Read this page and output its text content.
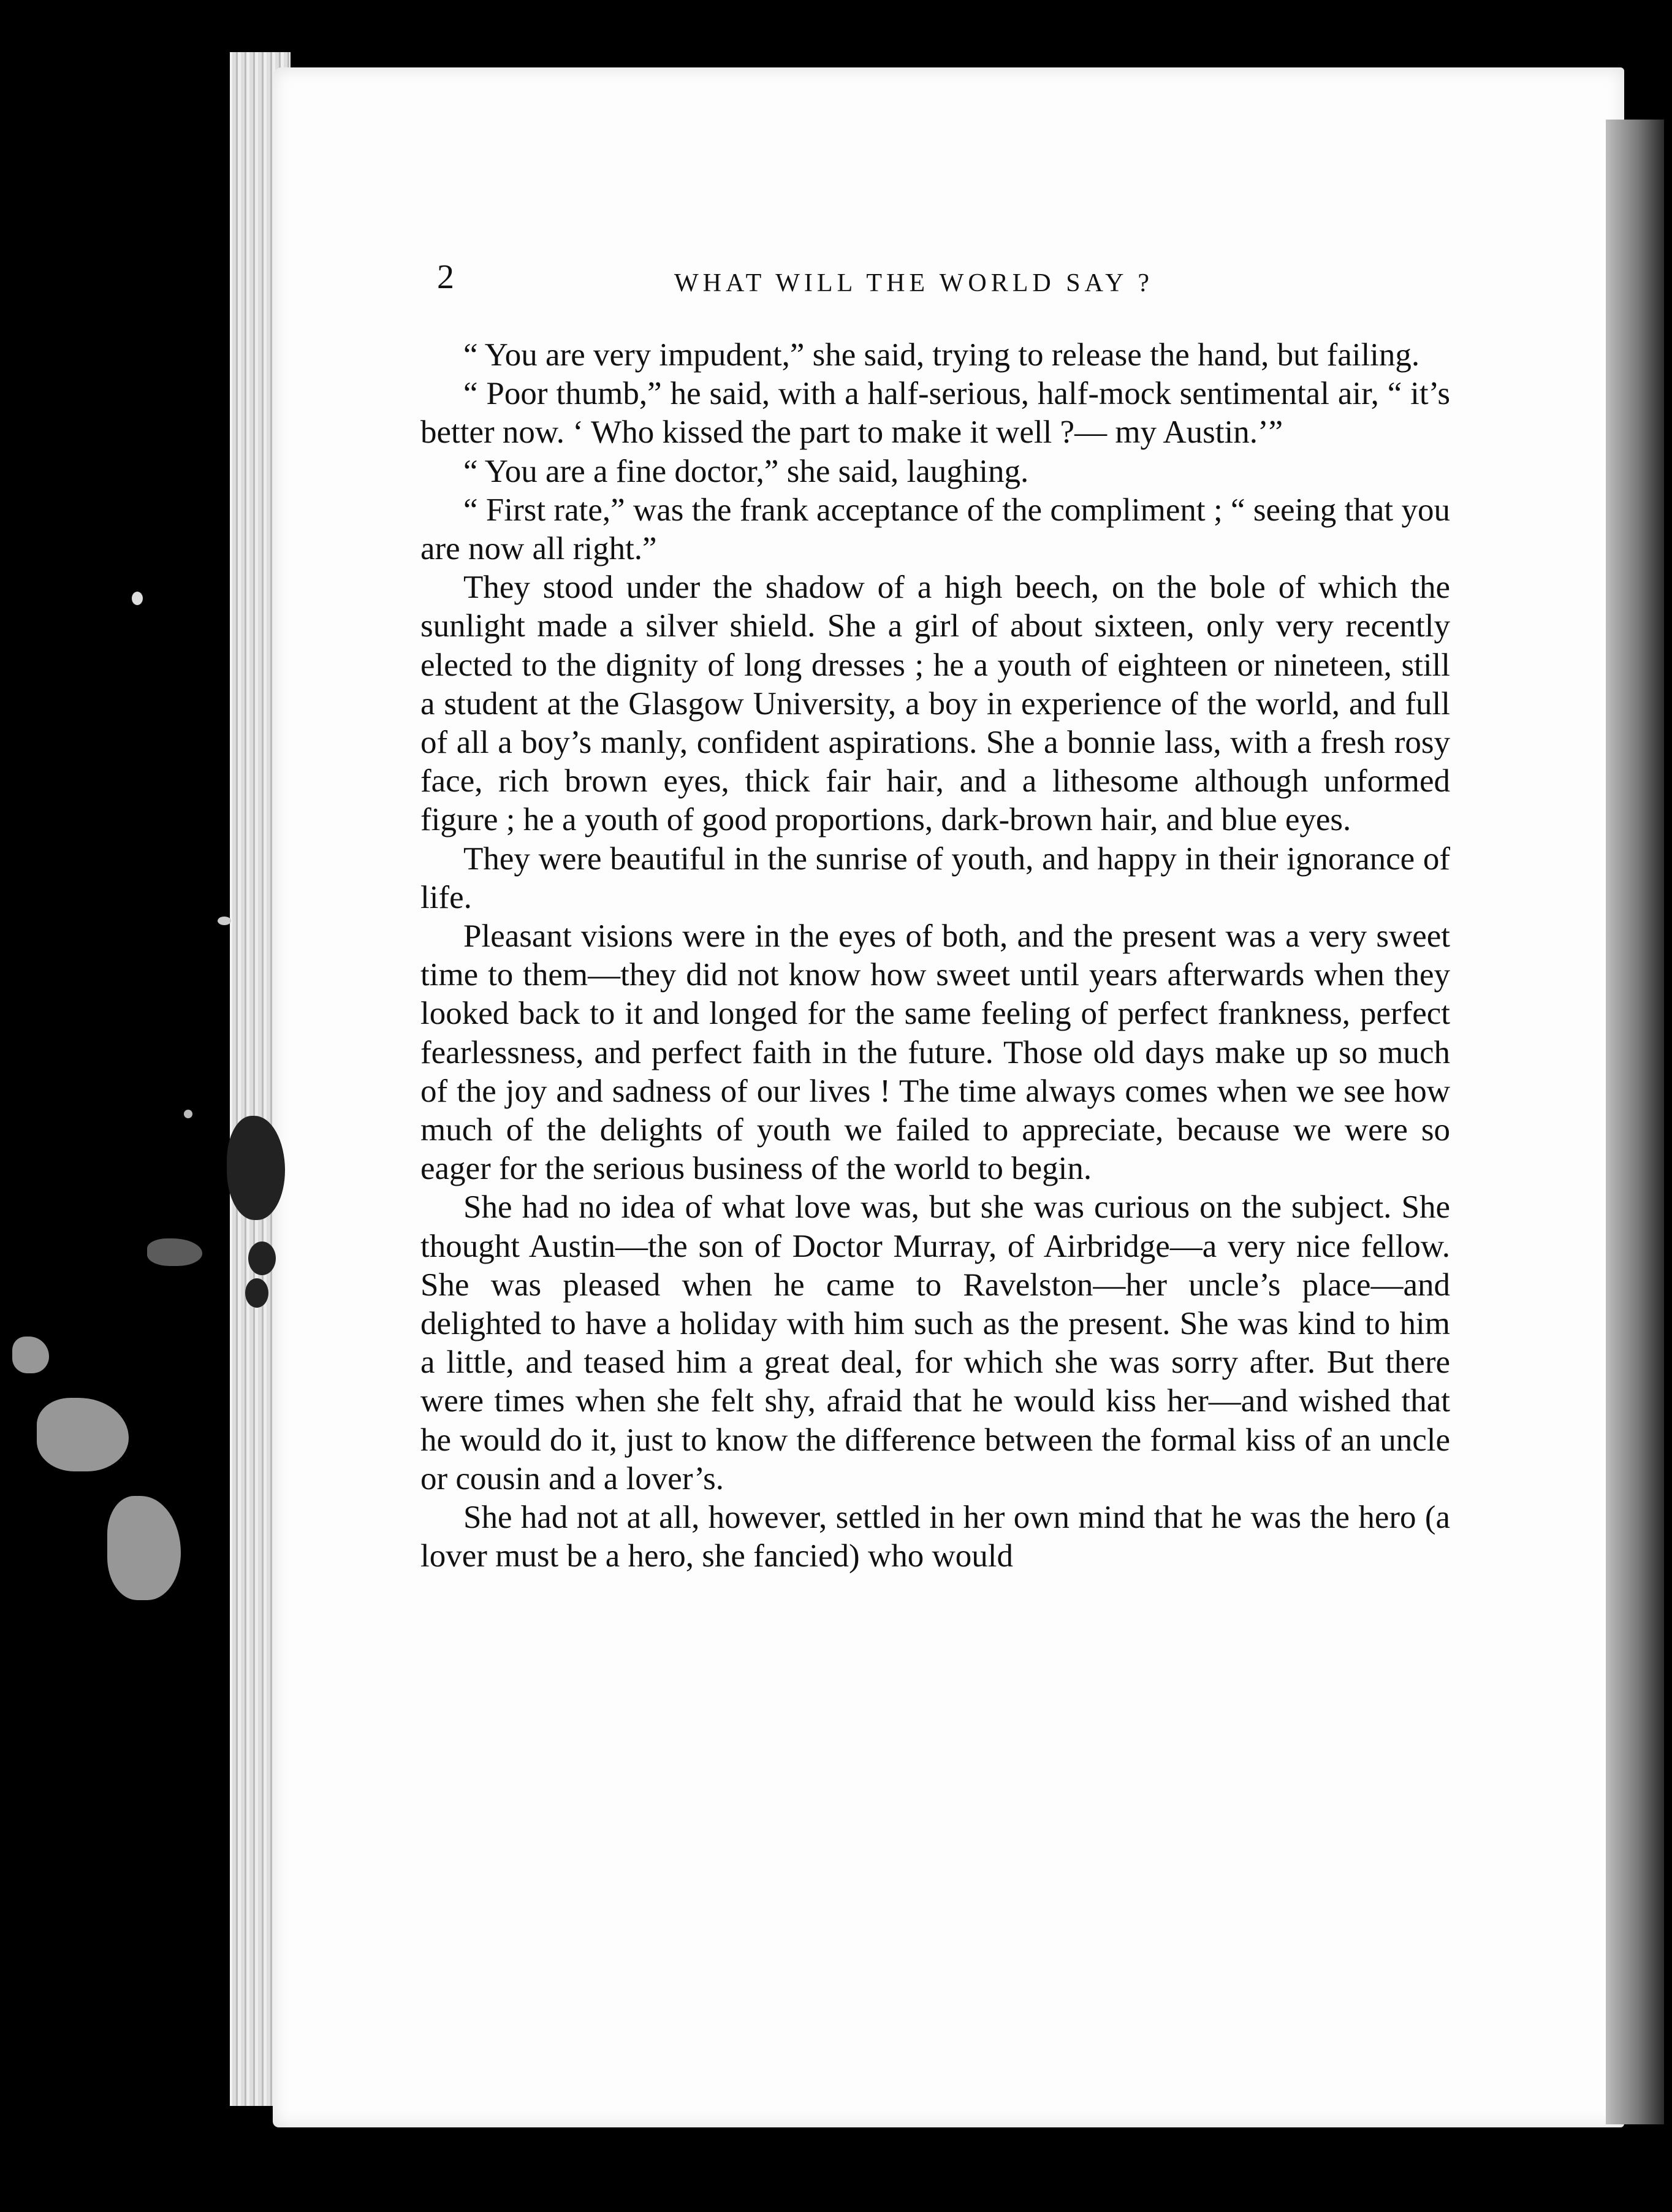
2	WHAT WILL THE WORLD SAY ?

“ You are very impudent,” she said, trying to release the hand, but failing.

“ Poor thumb,” he said, with a half-serious, half-mock sentimental air, “ it’s better now. ‘ Who kissed the part to make it well ?— my Austin.’”

“ You are a fine doctor,” she said, laughing.

“ First rate,” was the frank acceptance of the compliment ; “ seeing that you are now all right.”

They stood under the shadow of a high beech, on the bole of which the sunlight made a silver shield. She a girl of about sixteen, only very recently elected to the dignity of long dresses ; he a youth of eighteen or nineteen, still a student at the Glasgow University, a boy in experience of the world, and full of all a boy’s manly, confident aspirations. She a bonnie lass, with a fresh rosy face, rich brown eyes, thick fair hair, and a lithesome although unformed figure ; he a youth of good proportions, dark-brown hair, and blue eyes.

They were beautiful in the sunrise of youth, and happy in their ignorance of life.

Pleasant visions were in the eyes of both, and the present was a very sweet time to them—they did not know how sweet until years afterwards when they looked back to it and longed for the same feeling of perfect frankness, perfect fearlessness, and perfect faith in the future. Those old days make up so much of the joy and sadness of our lives ! The time always comes when we see how much of the delights of youth we failed to appreciate, because we were so eager for the serious business of the world to begin.

She had no idea of what love was, but she was curious on the subject. She thought Austin—the son of Doctor Murray, of Airbridge—a very nice fellow. She was pleased when he came to Ravelston—her uncle’s place—and delighted to have a holiday with him such as the present. She was kind to him a little, and teased him a great deal, for which she was sorry after. But there were times when she felt shy, afraid that he would kiss her—and wished that he would do it, just to know the difference between the formal kiss of an uncle or cousin and a lover’s.

She had not at all, however, settled in her own mind that he was the hero (a lover must be a hero, she fancied) who would
